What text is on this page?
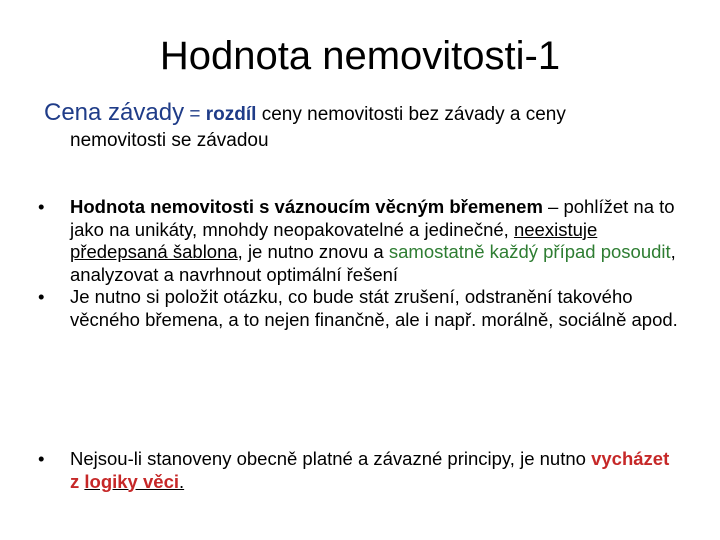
Hodnota nemovitosti-1
Cena závady = rozdíl ceny nemovitosti bez závady a ceny
nemovitosti se závadou
•	Hodnota nemovitosti s váznoucím věcným břemenem – pohlížet na to jako na unikáty, mnohdy neopakovatelné a jedinečné, neexistuje předepsaná šablona, je nutno znovu a samostatně každý případ posoudit, analyzovat a navrhnout optimální řešení
•	Je nutno si položit otázku, co bude stát zrušení, odstranění takového věcného břemena, a to nejen finančně, ale i např. morálně, sociálně apod.
•	Nejsou-li stanoveny obecně platné a závazné principy, je nutno vycházet z logiky věci.
